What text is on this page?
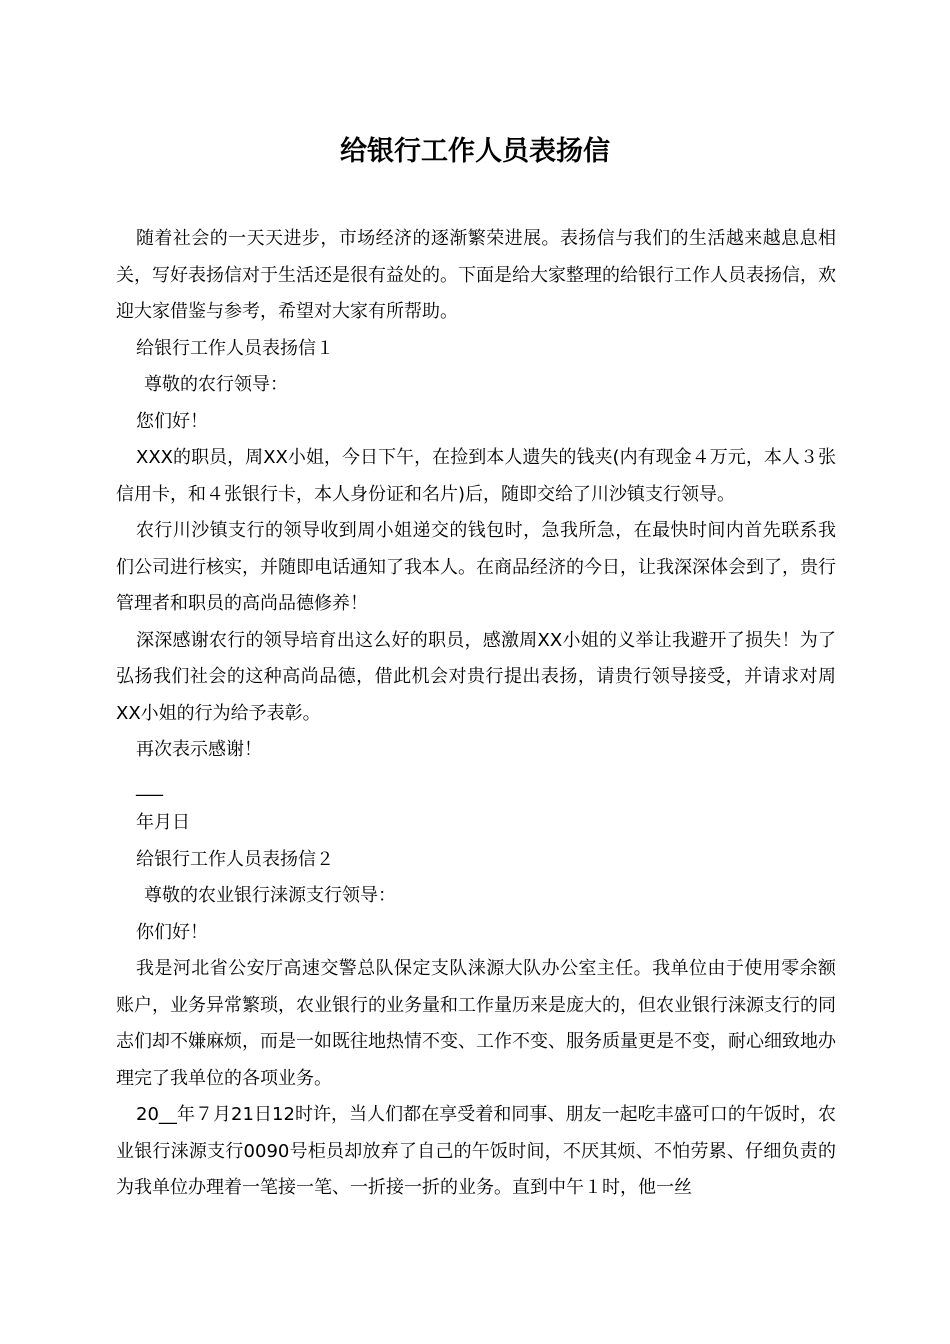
给银行工作人员表扬信

随着社会的一天天进步，市场经济的逐渐繁荣进展。表扬信与我们的生活越来越息息相关，写好表扬信对于生活还是很有益处的。下面是给大家整理的给银行工作人员表扬信，欢迎大家借鉴与参考，希望对大家有所帮助。

给银行工作人员表扬信１

尊敬的农行领导：

您们好！

XXX的职员，周XX小姐，今日下午，在捡到本人遗失的钱夹(内有现金４万元，本人３张信用卡，和４张银行卡，本人身份证和名片)后，随即交给了川沙镇支行领导。

农行川沙镇支行的领导收到周小姐递交的钱包时，急我所急，在最快时间内首先联系我们公司进行核实，并随即电话通知了我本人。在商品经济的今日，让我深深体会到了，贵行管理者和职员的高尚品德修养！

深深感谢农行的领导培育出这么好的职员，感激周XX小姐的义举让我避开了损失！为了弘扬我们社会的这种高尚品德，借此机会对贵行提出表扬，请贵行领导接受，并请求对周XX小姐的行为给予表彰。

再次表示感谢！

___

年月日

给银行工作人员表扬信２

尊敬的农业银行涞源支行领导：

你们好！

我是河北省公安厅高速交警总队保定支队涞源大队办公室主任。我单位由于使用零余额账户，业务异常繁琐，农业银行的业务量和工作量历来是庞大的，但农业银行涞源支行的同志们却不嫌麻烦，而是一如既往地热情不变、工作不变、服务质量更是不变，耐心细致地办理完了我单位的各项业务。

20__年７月21日12时许，当人们都在享受着和同事、朋友一起吃丰盛可口的午饭时，农业银行涞源支行0090号柜员却放弃了自己的午饭时间，不厌其烦、不怕劳累、仔细负责的为我单位办理着一笔接一笔、一折接一折的业务。直到中午１时，他一丝
